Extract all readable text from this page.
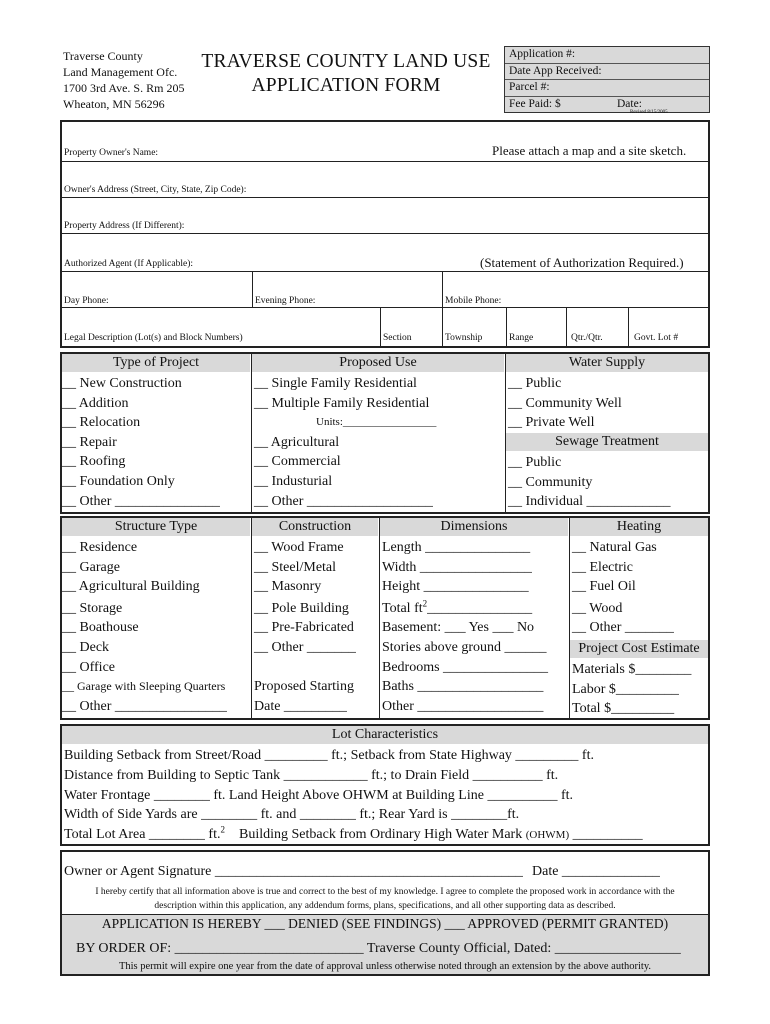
Traverse County
Land Management Ofc.
1700 3rd Ave. S. Rm 205
Wheaton, MN 56296
TRAVERSE COUNTY LAND USE
APPLICATION FORM
Application #:
Date App Received:
Parcel #:
Fee Paid: $	Date:
Revised 8/15/2005
Property Owner's Name:	Please attach a map and a site sketch.
Owner's Address (Street, City, State, Zip Code):
Property Address (If Different):
Authorized Agent (If Applicable):	(Statement of Authorization Required.)
Day Phone:	Evening Phone:	Mobile Phone:
Legal Description (Lot(s) and Block Numbers)	Section	Township	Range	Qtr./Qtr.	Govt. Lot #
Type of Project	Proposed Use	Water Supply
Sewage Treatment
__ New Construction
__ Addition
__ Relocation
__ Repair
__ Roofing
__ Foundation Only
__ Other _______________
__ Single Family Residential
__ Multiple Family Residential
Units:_________________
__ Agricultural
__ Commercial
__ Industurial
__ Other __________________
__ Public
__ Community Well
__ Private Well
__ Public
__ Community
__ Individual ____________
Structure Type	Construction	Dimensions	Heating
Project Cost Estimate
__ Residence
__ Garage
__ Agricultural Building
__ Storage
__ Boathouse
__ Deck
__ Office
__ Garage with Sleeping Quarters
__ Other ________________
__ Wood Frame
__ Steel/Metal
__ Masonry
__ Pole Building
__ Pre-Fabricated
__ Other _______
Proposed Starting
Date _________
Length _______________
Width ________________
Height _______________
Total $ft^2\_\_\_\_\_\_\_\_\_\_\_\_\_\_\_$
Basement: ___ Yes ___ No
Stories above ground ______
Bedrooms _______________
Baths __________________
Other __________________
__ Natural Gas
__ Electric
__ Fuel Oil
__ Wood
__ Other _______
Materials $________
Labor $_________
Total $_________
Lot Characteristics
Building Setback from Street/Road _________ ft.; Setback from State Highway _________ ft.
Distance from Building to Septic Tank ____________ ft.; to Drain Field __________ ft.
Water Frontage ________ ft. Land Height Above OHWM at Building Line __________ ft.
Width of Side Yards are ________ ft. and ________ ft.; Rear Yard is ________ft.
Total Lot Area ________ ft.$^2$ Building Setback from Ordinary High Water Mark (OHWM) __________
Owner or Agent Signature ____________________________________________ Date ______________
I hereby certify that all information above is true and correct to the best of my knowledge. I agree to complete the proposed work in accordance with the
description within this application, any addendum forms, plans, specifications, and all other supporting data as described.
APPLICATION IS HEREBY ___ DENIED (SEE FINDINGS) ___ APPROVED (PERMIT GRANTED)
BY ORDER OF: ___________________________ Traverse County Official, Dated: __________________
This permit will expire one year from the date of approval unless otherwise noted through an extension by the above authority.
